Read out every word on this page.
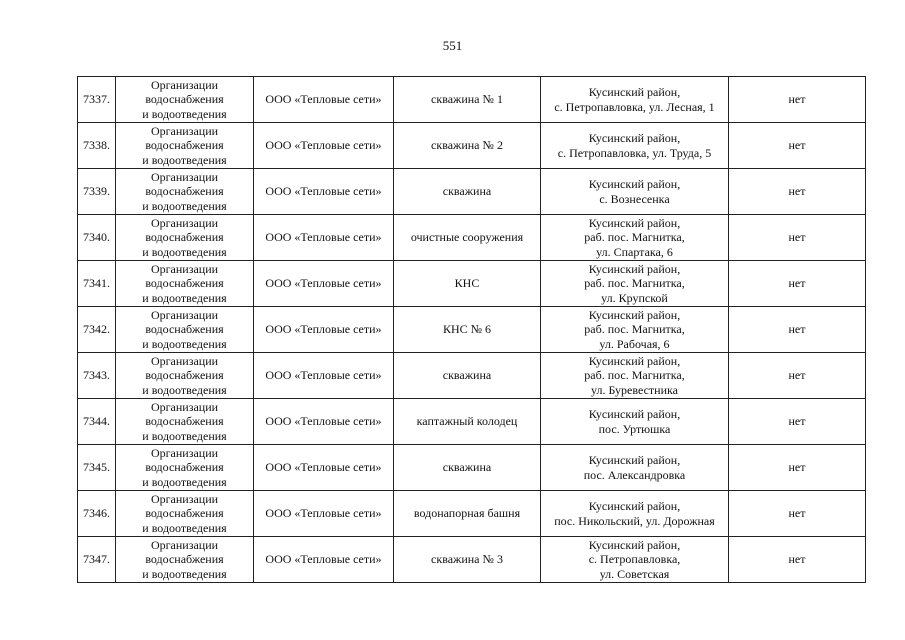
551
7337.	Организации
водоснабжения
и водоотведения	ООО «Тепловые сети»	скважина № 1	Кусинский район,
с. Петропавловка, ул. Лесная, 1	нет
7338.	Организации
водоснабжения
и водоотведения	ООО «Тепловые сети»	скважина № 2	Кусинский район,
с. Петропавловка, ул. Труда, 5	нет
7339.	Организации
водоснабжения
и водоотведения	ООО «Тепловые сети»	скважина	Кусинский район,
с. Вознесенка	нет
7340.	Организации
водоснабжения
и водоотведения	ООО «Тепловые сети»	очистные сооружения	Кусинский район,
раб. пос. Магнитка,
ул. Спартака, 6	нет
7341.	Организации
водоснабжения
и водоотведения	ООО «Тепловые сети»	КНС	Кусинский район,
раб. пос. Магнитка,
ул. Крупской	нет
7342.	Организации
водоснабжения
и водоотведения	ООО «Тепловые сети»	КНС № 6	Кусинский район,
раб. пос. Магнитка,
ул. Рабочая, 6	нет
7343.	Организации
водоснабжения
и водоотведения	ООО «Тепловые сети»	скважина	Кусинский район,
раб. пос. Магнитка,
ул. Буревестника	нет
7344.	Организации
водоснабжения
и водоотведения	ООО «Тепловые сети»	каптажный колодец	Кусинский район,
пос. Уртюшка	нет
7345.	Организации
водоснабжения
и водоотведения	ООО «Тепловые сети»	скважина	Кусинский район,
пос. Александровка	нет
7346.	Организации
водоснабжения
и водоотведения	ООО «Тепловые сети»	водонапорная башня	Кусинский район,
пос. Никольский, ул. Дорожная	нет
7347.	Организации
водоснабжения
и водоотведения	ООО «Тепловые сети»	скважина № 3	Кусинский район,
с. Петропавловка,
ул. Советская	нет
